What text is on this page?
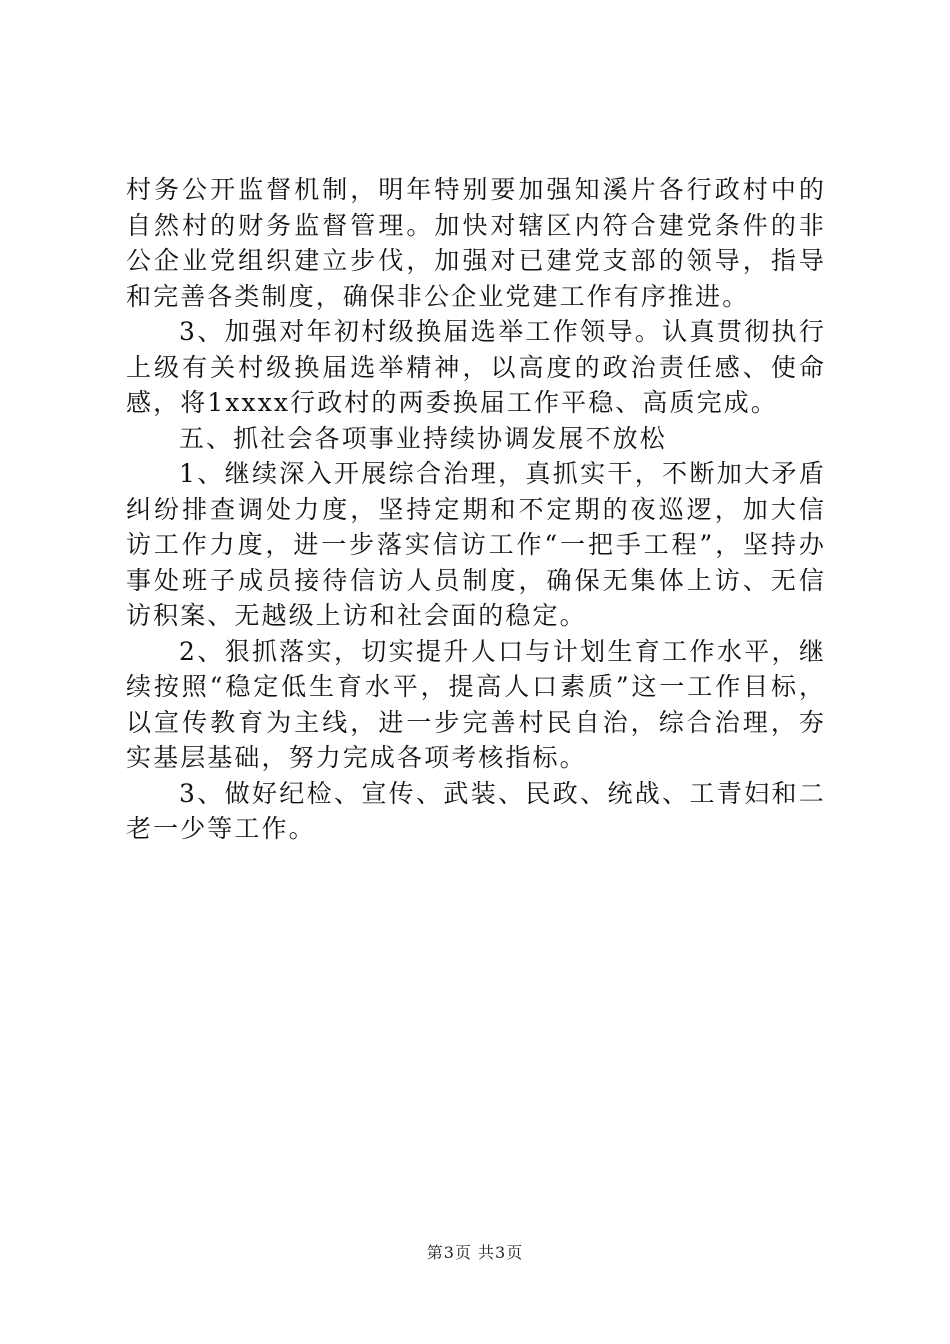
村务公开监督机制，明年特别要加强知溪片各行政村中的自然村的财务监督管理。加快对辖区内符合建党条件的非公企业党组织建立步伐，加强对已建党支部的领导，指导和完善各类制度，确保非公企业党建工作有序推进。

3、加强对年初村级换届选举工作领导。认真贯彻执行上级有关村级换届选举精神，以高度的政治责任感、使命感，将1xxxx行政村的两委换届工作平稳、高质完成。

五、抓社会各项事业持续协调发展不放松

1、继续深入开展综合治理，真抓实干，不断加大矛盾纠纷排查调处力度，坚持定期和不定期的夜巡逻，加大信访工作力度，进一步落实信访工作“一把手工程”，坚持办事处班子成员接待信访人员制度，确保无集体上访、无信访积案、无越级上访和社会面的稳定。

2、狠抓落实，切实提升人口与计划生育工作水平，继续按照“稳定低生育水平，提高人口素质”这一工作目标，以宣传教育为主线，进一步完善村民自治，综合治理，夯实基层基础，努力完成各项考核指标。

3、做好纪检、宣传、武装、民政、统战、工青妇和二老一少等工作。

第3页 共3页
